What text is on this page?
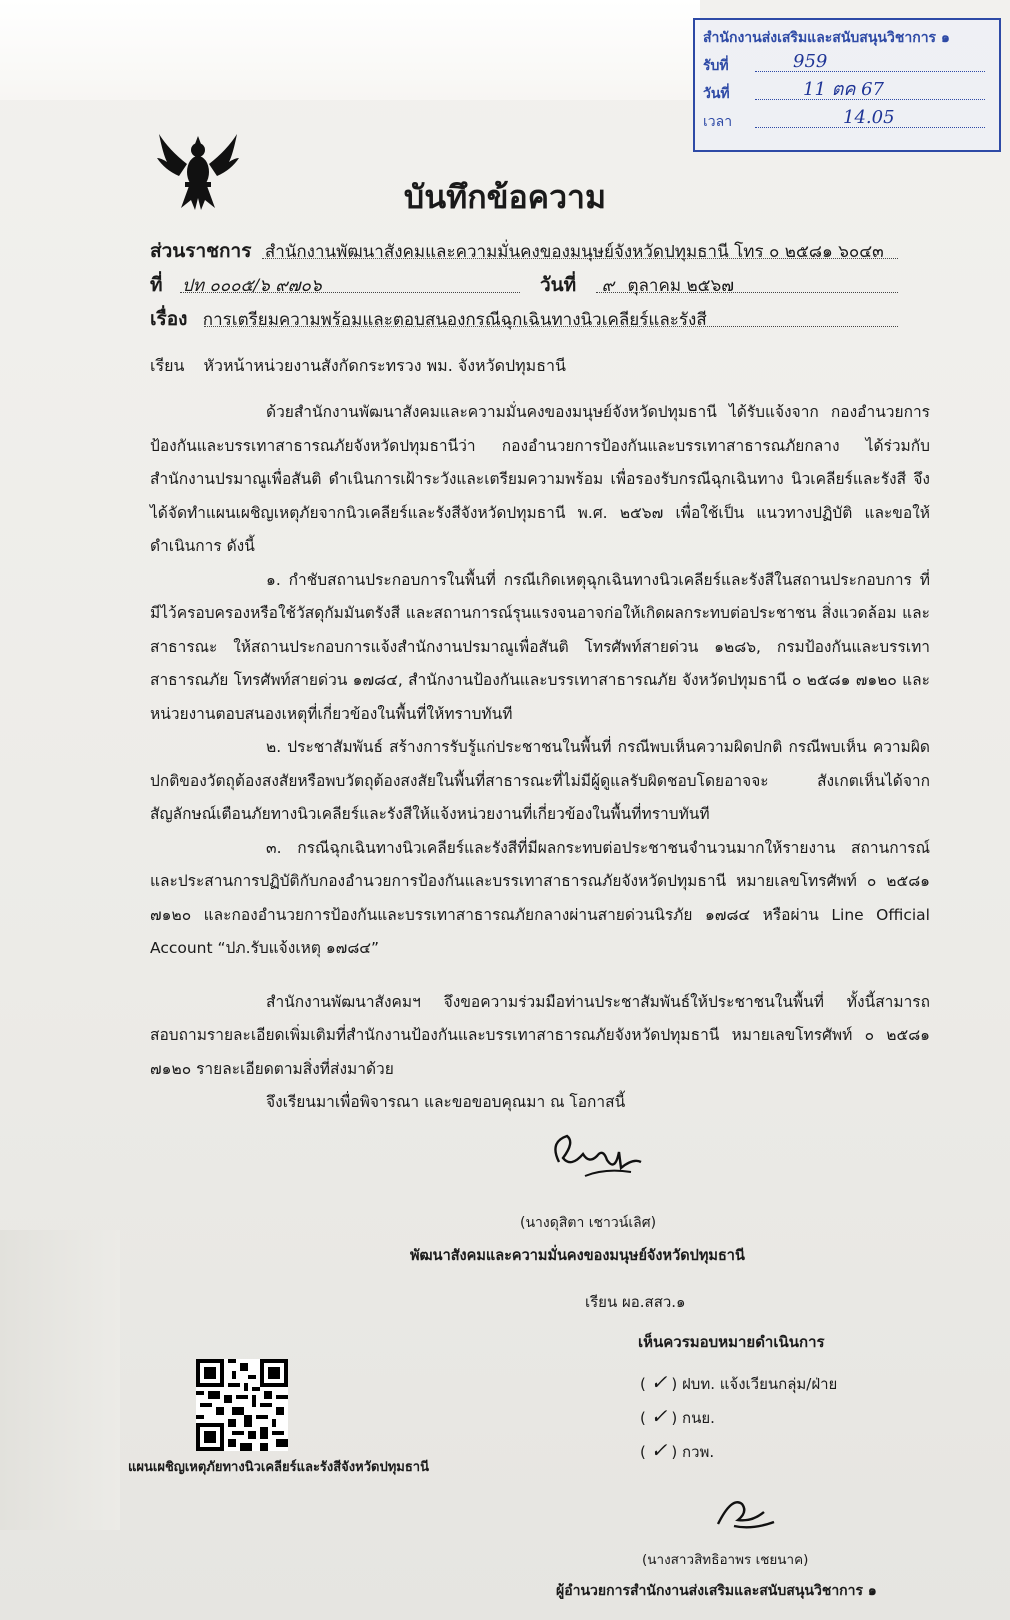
สำนักงานส่งเสริมและสนับสนุนวิชาการ ๑
รับที่	959
วันที่	11 ตค 67
เวลา	14.05
บันทึกข้อความ
ส่วนราชการ สำนักงานพัฒนาสังคมและความมั่นคงของมนุษย์จังหวัดปทุมธานี โทร ๐ ๒๕๘๑ ๖๐๔๓
ที่ ปท ๐๐๐๕/๖ ๙๗๐๖	วันที่ ๙ ตุลาคม ๒๕๖๗
เรื่อง การเตรียมความพร้อมและตอบสนองกรณีฉุกเฉินทางนิวเคลียร์และรังสี
เรียน หัวหน้าหน่วยงานสังกัดกระทรวง พม. จังหวัดปทุมธานี

ด้วยสำนักงานพัฒนาสังคมและความมั่นคงของมนุษย์จังหวัดปทุมธานี ได้รับแจ้งจาก กองอำนวยการป้องกันและบรรเทาสาธารณภัยจังหวัดปทุมธานีว่า กองอำนวยการป้องกันและบรรเทาสาธารณภัยกลาง ได้ร่วมกับสำนักงานปรมาณูเพื่อสันติ ดำเนินการเฝ้าระวังและเตรียมความพร้อม เพื่อรองรับกรณีฉุกเฉินทาง นิวเคลียร์และรังสี จึงได้จัดทำแผนเผชิญเหตุภัยจากนิวเคลียร์และรังสีจังหวัดปทุมธานี พ.ศ. ๒๕๖๗ เพื่อใช้เป็น แนวทางปฏิบัติ และขอให้ดำเนินการ ดังนี้

๑. กำชับสถานประกอบการในพื้นที่ กรณีเกิดเหตุฉุกเฉินทางนิวเคลียร์และรังสีในสถานประกอบการ ที่มีไว้ครอบครองหรือใช้วัสดุกัมมันตรังสี และสถานการณ์รุนแรงจนอาจก่อให้เกิดผลกระทบต่อประชาชน สิ่งแวดล้อม และสาธารณะ ให้สถานประกอบการแจ้งสำนักงานปรมาณูเพื่อสันติ โทรศัพท์สายด่วน ๑๒๘๖, กรมป้องกันและบรรเทาสาธารณภัย โทรศัพท์สายด่วน ๑๗๘๔, สำนักงานป้องกันและบรรเทาสาธารณภัย จังหวัดปทุมธานี ๐ ๒๕๘๑ ๗๑๒๐ และหน่วยงานตอบสนองเหตุที่เกี่ยวข้องในพื้นที่ให้ทราบทันที

๒. ประชาสัมพันธ์ สร้างการรับรู้แก่ประชาชนในพื้นที่ กรณีพบเห็นความผิดปกติ กรณีพบเห็น ความผิดปกติของวัตถุต้องสงสัยหรือพบวัตถุต้องสงสัยในพื้นที่สาธารณะที่ไม่มีผู้ดูแลรับผิดชอบโดยอาจจะ สังเกตเห็นได้จากสัญลักษณ์เตือนภัยทางนิวเคลียร์และรังสีให้แจ้งหน่วยงานที่เกี่ยวข้องในพื้นที่ทราบทันที

๓. กรณีฉุกเฉินทางนิวเคลียร์และรังสีที่มีผลกระทบต่อประชาชนจำนวนมากให้รายงาน สถานการณ์และประสานการปฏิบัติกับกองอำนวยการป้องกันและบรรเทาสาธารณภัยจังหวัดปทุมธานี หมายเลขโทรศัพท์ ๐ ๒๕๘๑ ๗๑๒๐ และกองอำนวยการป้องกันและบรรเทาสาธารณภัยกลางผ่านสายด่วนนิรภัย ๑๗๘๔ หรือผ่าน Line Official Account “ปภ.รับแจ้งเหตุ ๑๗๘๔”

สำนักงานพัฒนาสังคมฯ จึงขอความร่วมมือท่านประชาสัมพันธ์ให้ประชาชนในพื้นที่ ทั้งนี้สามารถ สอบถามรายละเอียดเพิ่มเติมที่สำนักงานป้องกันและบรรเทาสาธารณภัยจังหวัดปทุมธานี หมายเลขโทรศัพท์ ๐ ๒๕๘๑ ๗๑๒๐ รายละเอียดตามสิ่งที่ส่งมาด้วย

จึงเรียนมาเพื่อพิจารณา และขอขอบคุณมา ณ โอกาสนี้

(นางดุสิตา เชาวน์เลิศ)
พัฒนาสังคมและความมั่นคงของมนุษย์จังหวัดปทุมธานี
แผนเผชิญเหตุภัยทางนิวเคลียร์และรังสีจังหวัดปทุมธานี
เรียน ผอ.สสว.๑
เห็นควรมอบหมายดำเนินการ
( ✓ ) ฝบท. แจ้งเวียนกลุ่ม/ฝ่าย
( ✓ ) กนย.
( ✓ ) กวพ.
(นางสาวสิทธิอาพร เชยนาค)
ผู้อำนวยการสำนักงานส่งเสริมและสนับสนุนวิชาการ ๑
